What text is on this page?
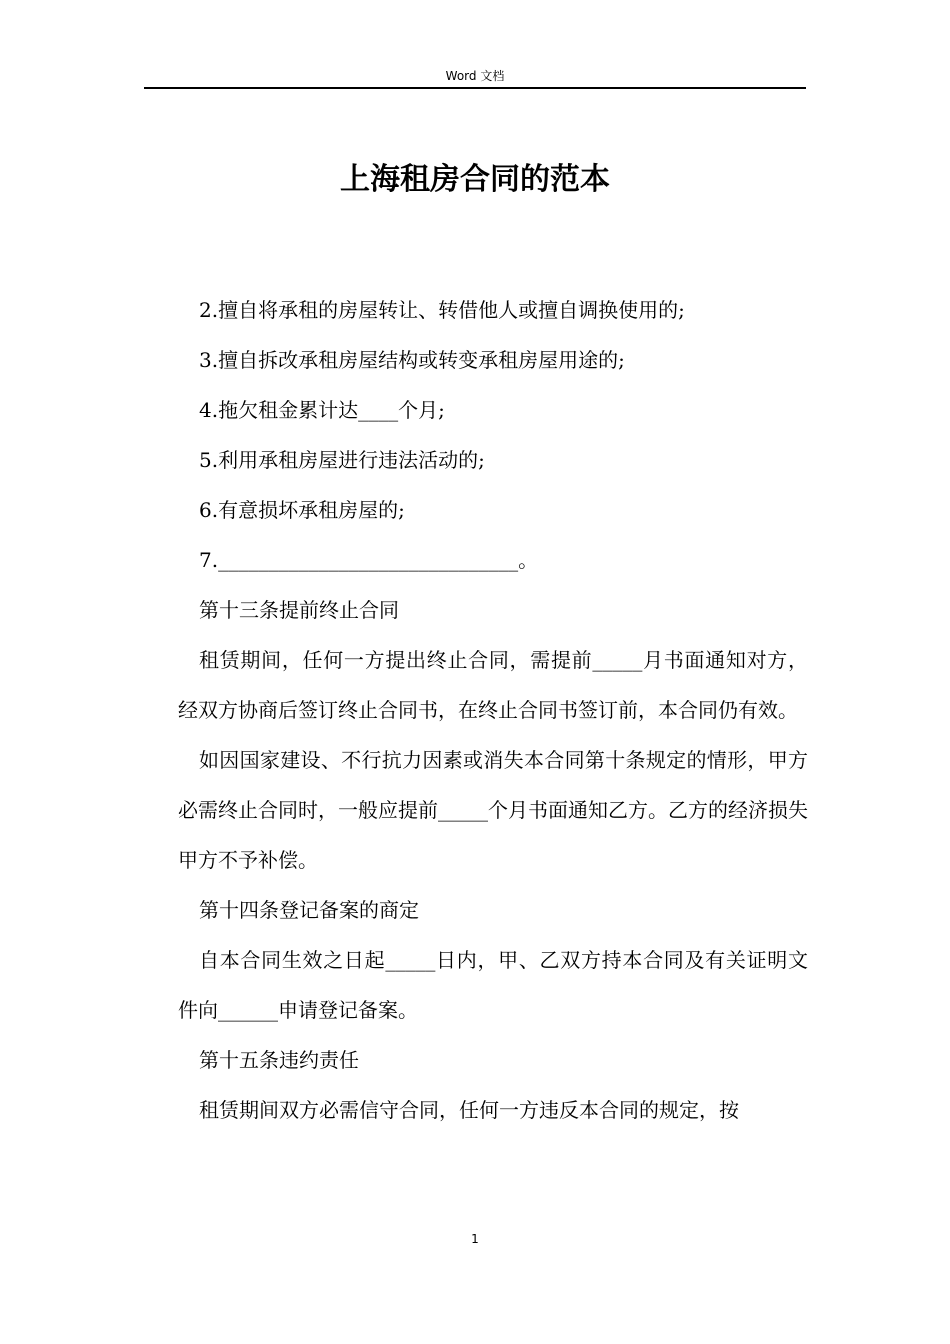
Word 文档
上海租房合同的范本

2.擅自将承租的房屋转让、转借他人或擅自调换使用的;

3.擅自拆改承租房屋结构或转变承租房屋用途的;

4.拖欠租金累计达____个月;

5.利用承租房屋进行违法活动的;

6.有意损坏承租房屋的;

7.______________________________。

第十三条提前终止合同

租赁期间，任何一方提出终止合同，需提前_____月书面通知对方，经双方协商后签订终止合同书，在终止合同书签订前，本合同仍有效。

如因国家建设、不行抗力因素或消失本合同第十条规定的情形，甲方必需终止合同时，一般应提前_____个月书面通知乙方。乙方的经济损失甲方不予补偿。

第十四条登记备案的商定

自本合同生效之日起_____日内，甲、乙双方持本合同及有关证明文件向______申请登记备案。

第十五条违约责任

租赁期间双方必需信守合同，任何一方违反本合同的规定，按

1
